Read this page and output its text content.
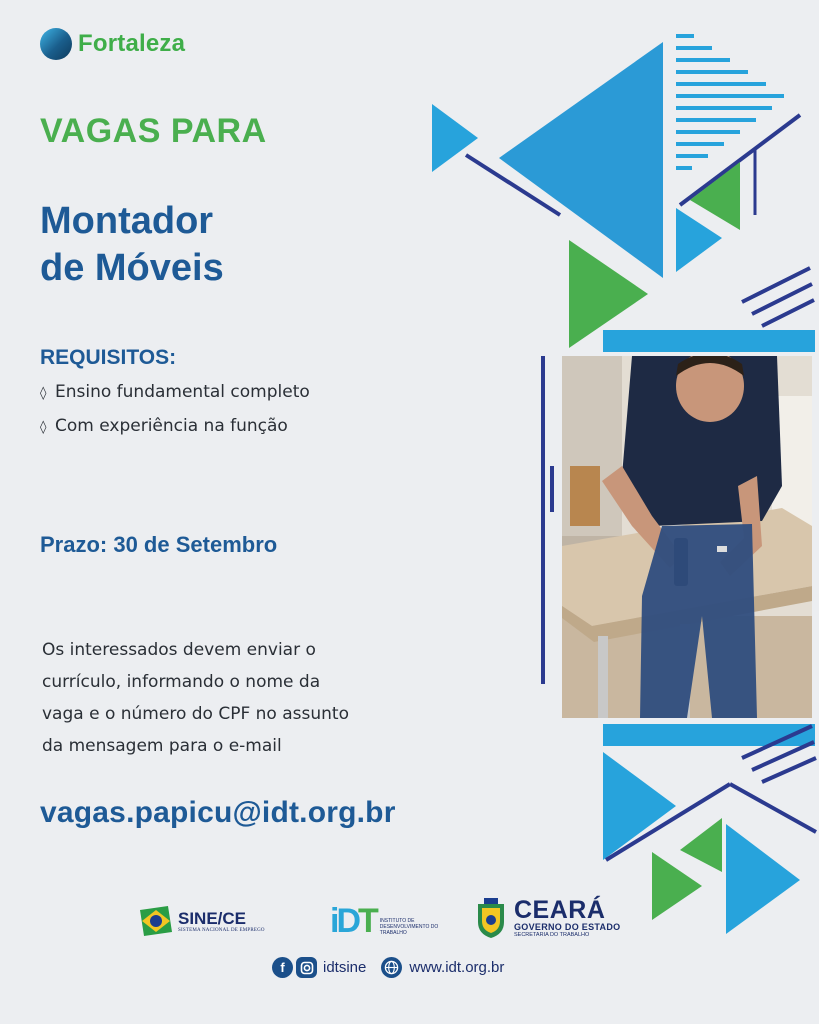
Fortaleza
VAGAS PARA
Montador
de Móveis
REQUISITOS:
◊ Ensino fundamental completo
◊ Com experiência na função
Prazo: 30 de Setembro
Os interessados devem enviar o
currículo, informando o nome da
vaga e o número do CPF no assunto
da mensagem para o e-mail
vagas.papicu@idt.org.br
SINE/CE
SISTEMA NACIONAL DE EMPREGO iDT INSTITUTO DE DESENVOLVIMENTO DO TRABALHO
CEARÁ
GOVERNO DO ESTADO
SECRETARIA DO TRABALHO
f	idtsine	www.idt.org.br
